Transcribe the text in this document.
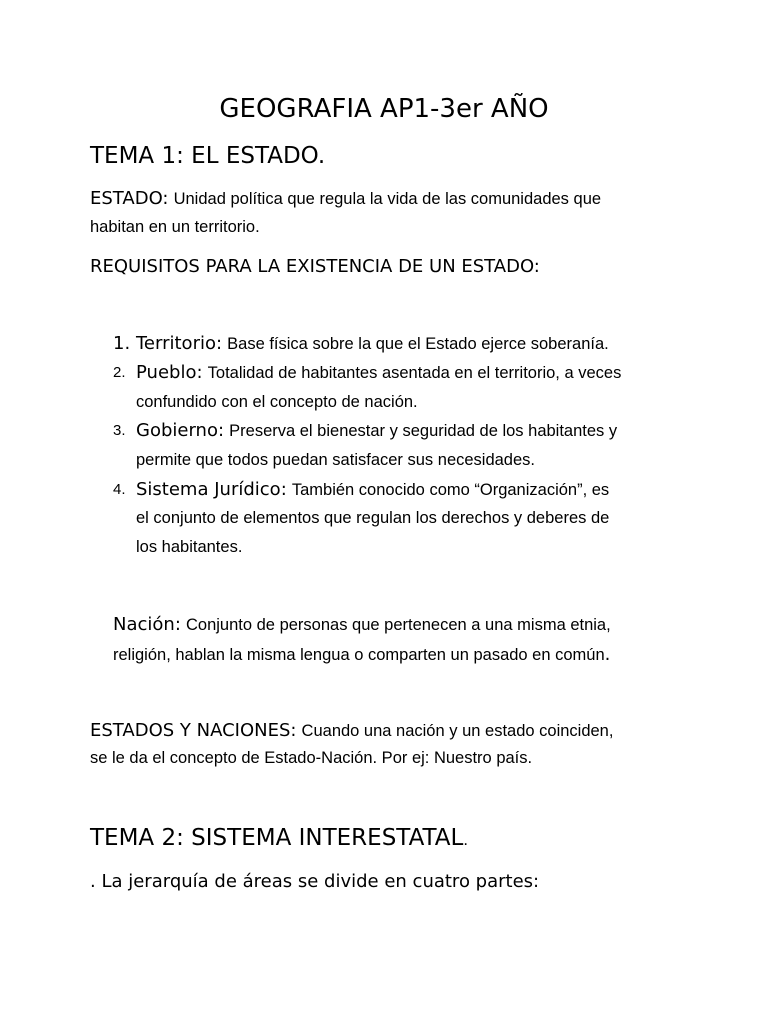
GEOGRAFIA AP1-3er AÑO
TEMA 1: EL ESTADO.
ESTADO: Unidad política que regula la vida de las comunidades que
habitan en un territorio.
REQUISITOS PARA LA EXISTENCIA DE UN ESTADO:
1. Territorio: Base física sobre la que el Estado ejerce soberanía.
2. Pueblo: Totalidad de habitantes asentada en el territorio, a veces
confundido con el concepto de nación.
3. Gobierno: Preserva el bienestar y seguridad de los habitantes y
permite que todos puedan satisfacer sus necesidades.
4. Sistema Jurídico: También conocido como “Organización”, es
el conjunto de elementos que regulan los derechos y deberes de
los habitantes.
Nación: Conjunto de personas que pertenecen a una misma etnia,
religión, hablan la misma lengua o comparten un pasado en común.
ESTADOS Y NACIONES: Cuando una nación y un estado coinciden,
se le da el concepto de Estado-Nación. Por ej: Nuestro país.
TEMA 2: SISTEMA INTERESTATAL.
. La jerarquía de áreas se divide en cuatro partes:
